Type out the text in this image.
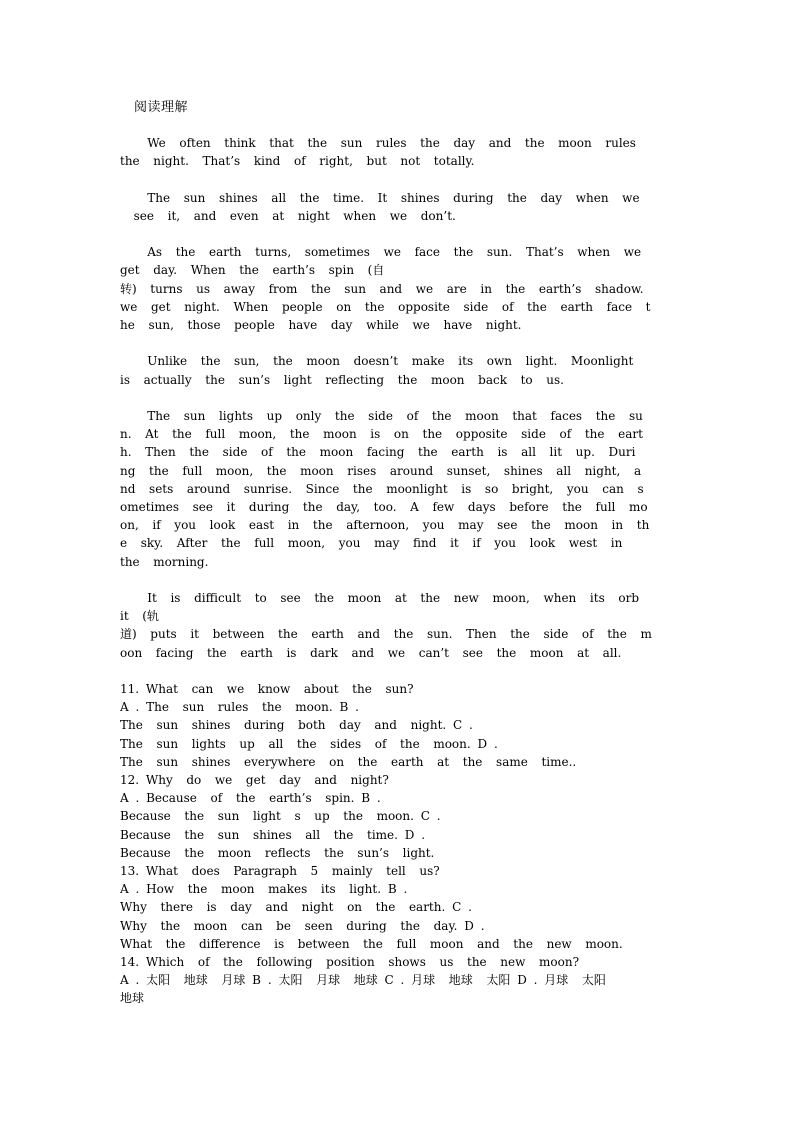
阅读理解
We  often  think  that  the  sun  rules  the  day  and  the  moon  rules
the  night.  That’s  kind  of  right,  but  not  totally.
The  sun  shines  all  the  time.  It  shines  during  the  day  when  we
see  it,  and  even  at  night  when  we  don’t.
As  the  earth  turns,  sometimes  we  face  the  sun.  That’s  when  we
get  day.  When  the  earth’s  spin  (自
转)  turns  us  away  from  the  sun  and  we  are  in  the  earth’s  shadow.
we  get  night.  When  people  on  the  opposite  side  of  the  earth  face  t
he  sun,  those  people  have  day  while  we  have  night.
Unlike  the  sun,  the  moon  doesn’t  make  its  own  light.  Moonlight
is  actually  the  sun’s  light  reflecting  the  moon  back  to  us.
The  sun  lights  up  only  the  side  of  the  moon  that  faces  the  su
n.  At  the  full  moon,  the  moon  is  on  the  opposite  side  of  the  eart
h.  Then  the  side  of  the  moon  facing  the  earth  is  all  lit  up.  Duri
ng  the  full  moon,  the  moon  rises  around  sunset,  shines  all  night,  a
nd  sets  around  sunrise.  Since  the  moonlight  is  so  bright,  you  can  s
ometimes  see  it  during  the  day,  too.  A  few  days  before  the  full  mo
on,  if  you  look  east  in  the  afternoon,  you  may  see  the  moon  in  th
e  sky.  After  the  full  moon,  you  may  find  it  if  you  look  west  in
the  morning.
It  is  difficult  to  see  the  moon  at  the  new  moon,  when  its  orb
it  (轨
道)  puts  it  between  the  earth  and  the  sun.  Then  the  side  of  the  m
oon  facing  the  earth  is  dark  and  we  can’t  see  the  moon  at  all.
11. What  can  we  know  about  the  sun?
A . The  sun  rules  the  moon. B .
The  sun  shines  during  both  day  and  night. C .
The  sun  lights  up  all  the  sides  of  the  moon. D .
The  sun  shines  everywhere  on  the  earth  at  the  same  time..
12. Why  do  we  get  day  and  night?
A . Because  of  the  earth’s  spin. B .
Because  the  sun  light  s  up  the  moon. C .
Because  the  sun  shines  all  the  time. D .
Because  the  moon  reflects  the  sun’s  light.
13. What  does  Paragraph  5  mainly  tell  us?
A . How  the  moon  makes  its  light. B .
Why  there  is  day  and  night  on  the  earth. C .
Why  the  moon  can  be  seen  during  the  day. D .
What  the  difference  is  between  the  full  moon  and  the  new  moon.
14. Which  of  the  following  position  shows  us  the  new  moon?
A . 太阳  地球  月球 B . 太阳  月球  地球 C . 月球  地球  太阳 D . 月球  太阳
地球
